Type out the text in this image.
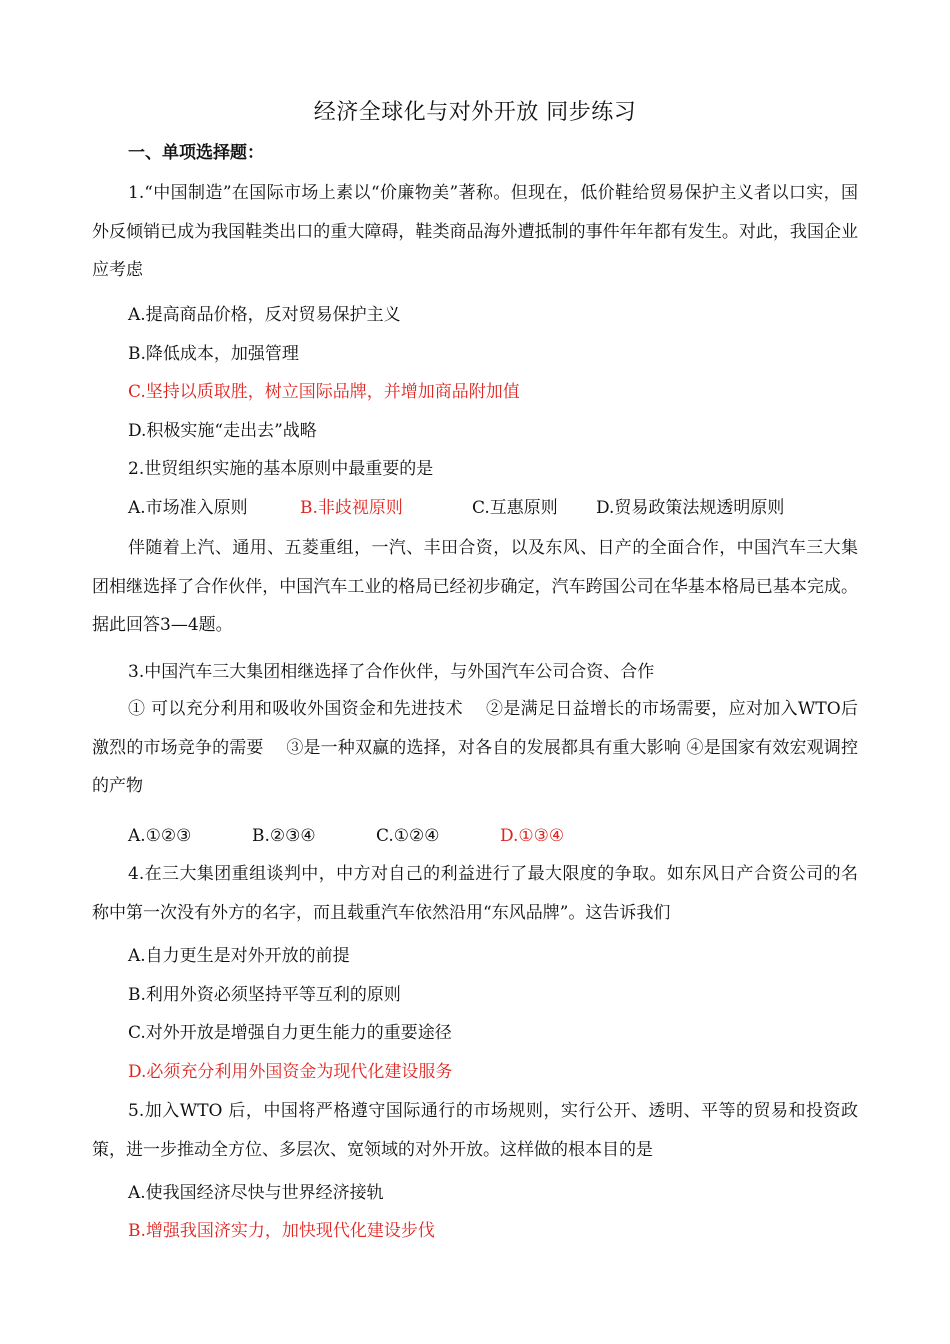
经济全球化与对外开放 同步练习
一、单项选择题：
1.“中国制造”在国际市场上素以“价廉物美”著称。但现在，低价鞋给贸易保护主义者以口实，国外反倾销已成为我国鞋类出口的重大障碍，鞋类商品海外遭抵制的事件年年都有发生。对此，我国企业应考虑
A.提高商品价格，反对贸易保护主义
B.降低成本，加强管理
C.坚持以质取胜，树立国际品牌，并增加商品附加值
D.积极实施“走出去”战略
2.世贸组织实施的基本原则中最重要的是
A.市场准入原则	B.非歧视原则	C.互惠原则 D.贸易政策法规透明原则
伴随着上汽、通用、五菱重组，一汽、丰田合资，以及东风、日产的全面合作，中国汽车三大集团相继选择了合作伙伴，中国汽车工业的格局已经初步确定，汽车跨国公司在华基本格局已基本完成。据此回答3—4题。
3.中国汽车三大集团相继选择了合作伙伴，与外国汽车公司合资、合作
① 可以充分利用和吸收外国资金和先进技术　 ②是满足日益增长的市场需要，应对加入WTO后激烈的市场竞争的需要　 ③是一种双赢的选择，对各自的发展都具有重大影响 ④是国家有效宏观调控的产物
A.①②③	B.②③④	C.①②④	D.①③④
4.在三大集团重组谈判中，中方对自己的利益进行了最大限度的争取。如东风日产合资公司的名称中第一次没有外方的名字，而且载重汽车依然沿用“东风品牌”。这告诉我们
A.自力更生是对外开放的前提
B.利用外资必须坚持平等互利的原则
C.对外开放是增强自力更生能力的重要途径
D.必须充分利用外国资金为现代化建设服务
5.加入WTO 后，中国将严格遵守国际通行的市场规则，实行公开、透明、平等的贸易和投资政策，进一步推动全方位、多层次、宽领域的对外开放。这样做的根本目的是
A.使我国经济尽快与世界经济接轨
B.增强我国济实力，加快现代化建设步伐
